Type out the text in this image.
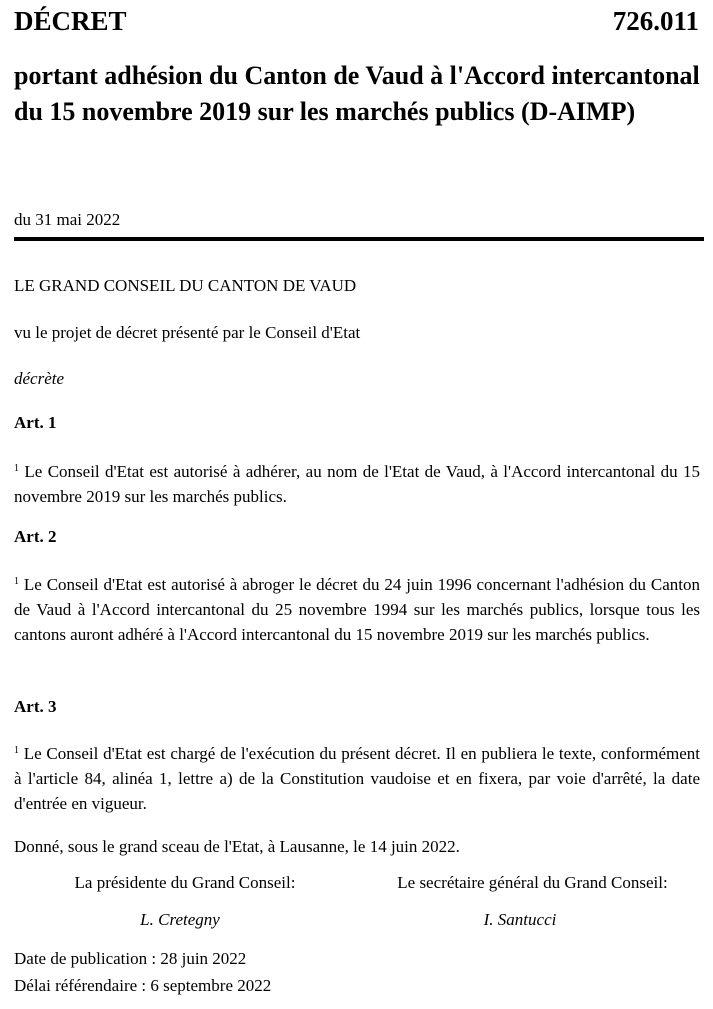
DÉCRET	726.011
portant adhésion du Canton de Vaud à l'Accord intercantonal du 15 novembre 2019 sur les marchés publics (D-AIMP)
du 31 mai 2022
LE GRAND CONSEIL DU CANTON DE VAUD
vu le projet de décret présenté par le Conseil d'Etat
décrète
Art. 1
$^1$ Le Conseil d'Etat est autorisé à adhérer, au nom de l'Etat de Vaud, à l'Accord intercantonal du 15 novembre 2019 sur les marchés publics.
Art. 2
$^1$ Le Conseil d'Etat est autorisé à abroger le décret du 24 juin 1996 concernant l'adhésion du Canton de Vaud à l'Accord intercantonal du 25 novembre 1994 sur les marchés publics, lorsque tous les cantons auront adhéré à l'Accord intercantonal du 15 novembre 2019 sur les marchés publics.
Art. 3
$^1$ Le Conseil d'Etat est chargé de l'exécution du présent décret. Il en publiera le texte, conformément à l'article 84, alinéa 1, lettre a) de la Constitution vaudoise et en fixera, par voie d'arrêté, la date d'entrée en vigueur.
Donné, sous le grand sceau de l'Etat, à Lausanne, le 14 juin 2022.
La présidente du Grand Conseil:
L. Cretegny
Le secrétaire général du Grand Conseil:
I. Santucci
Date de publication : 28 juin 2022
Délai référendaire : 6 septembre 2022
